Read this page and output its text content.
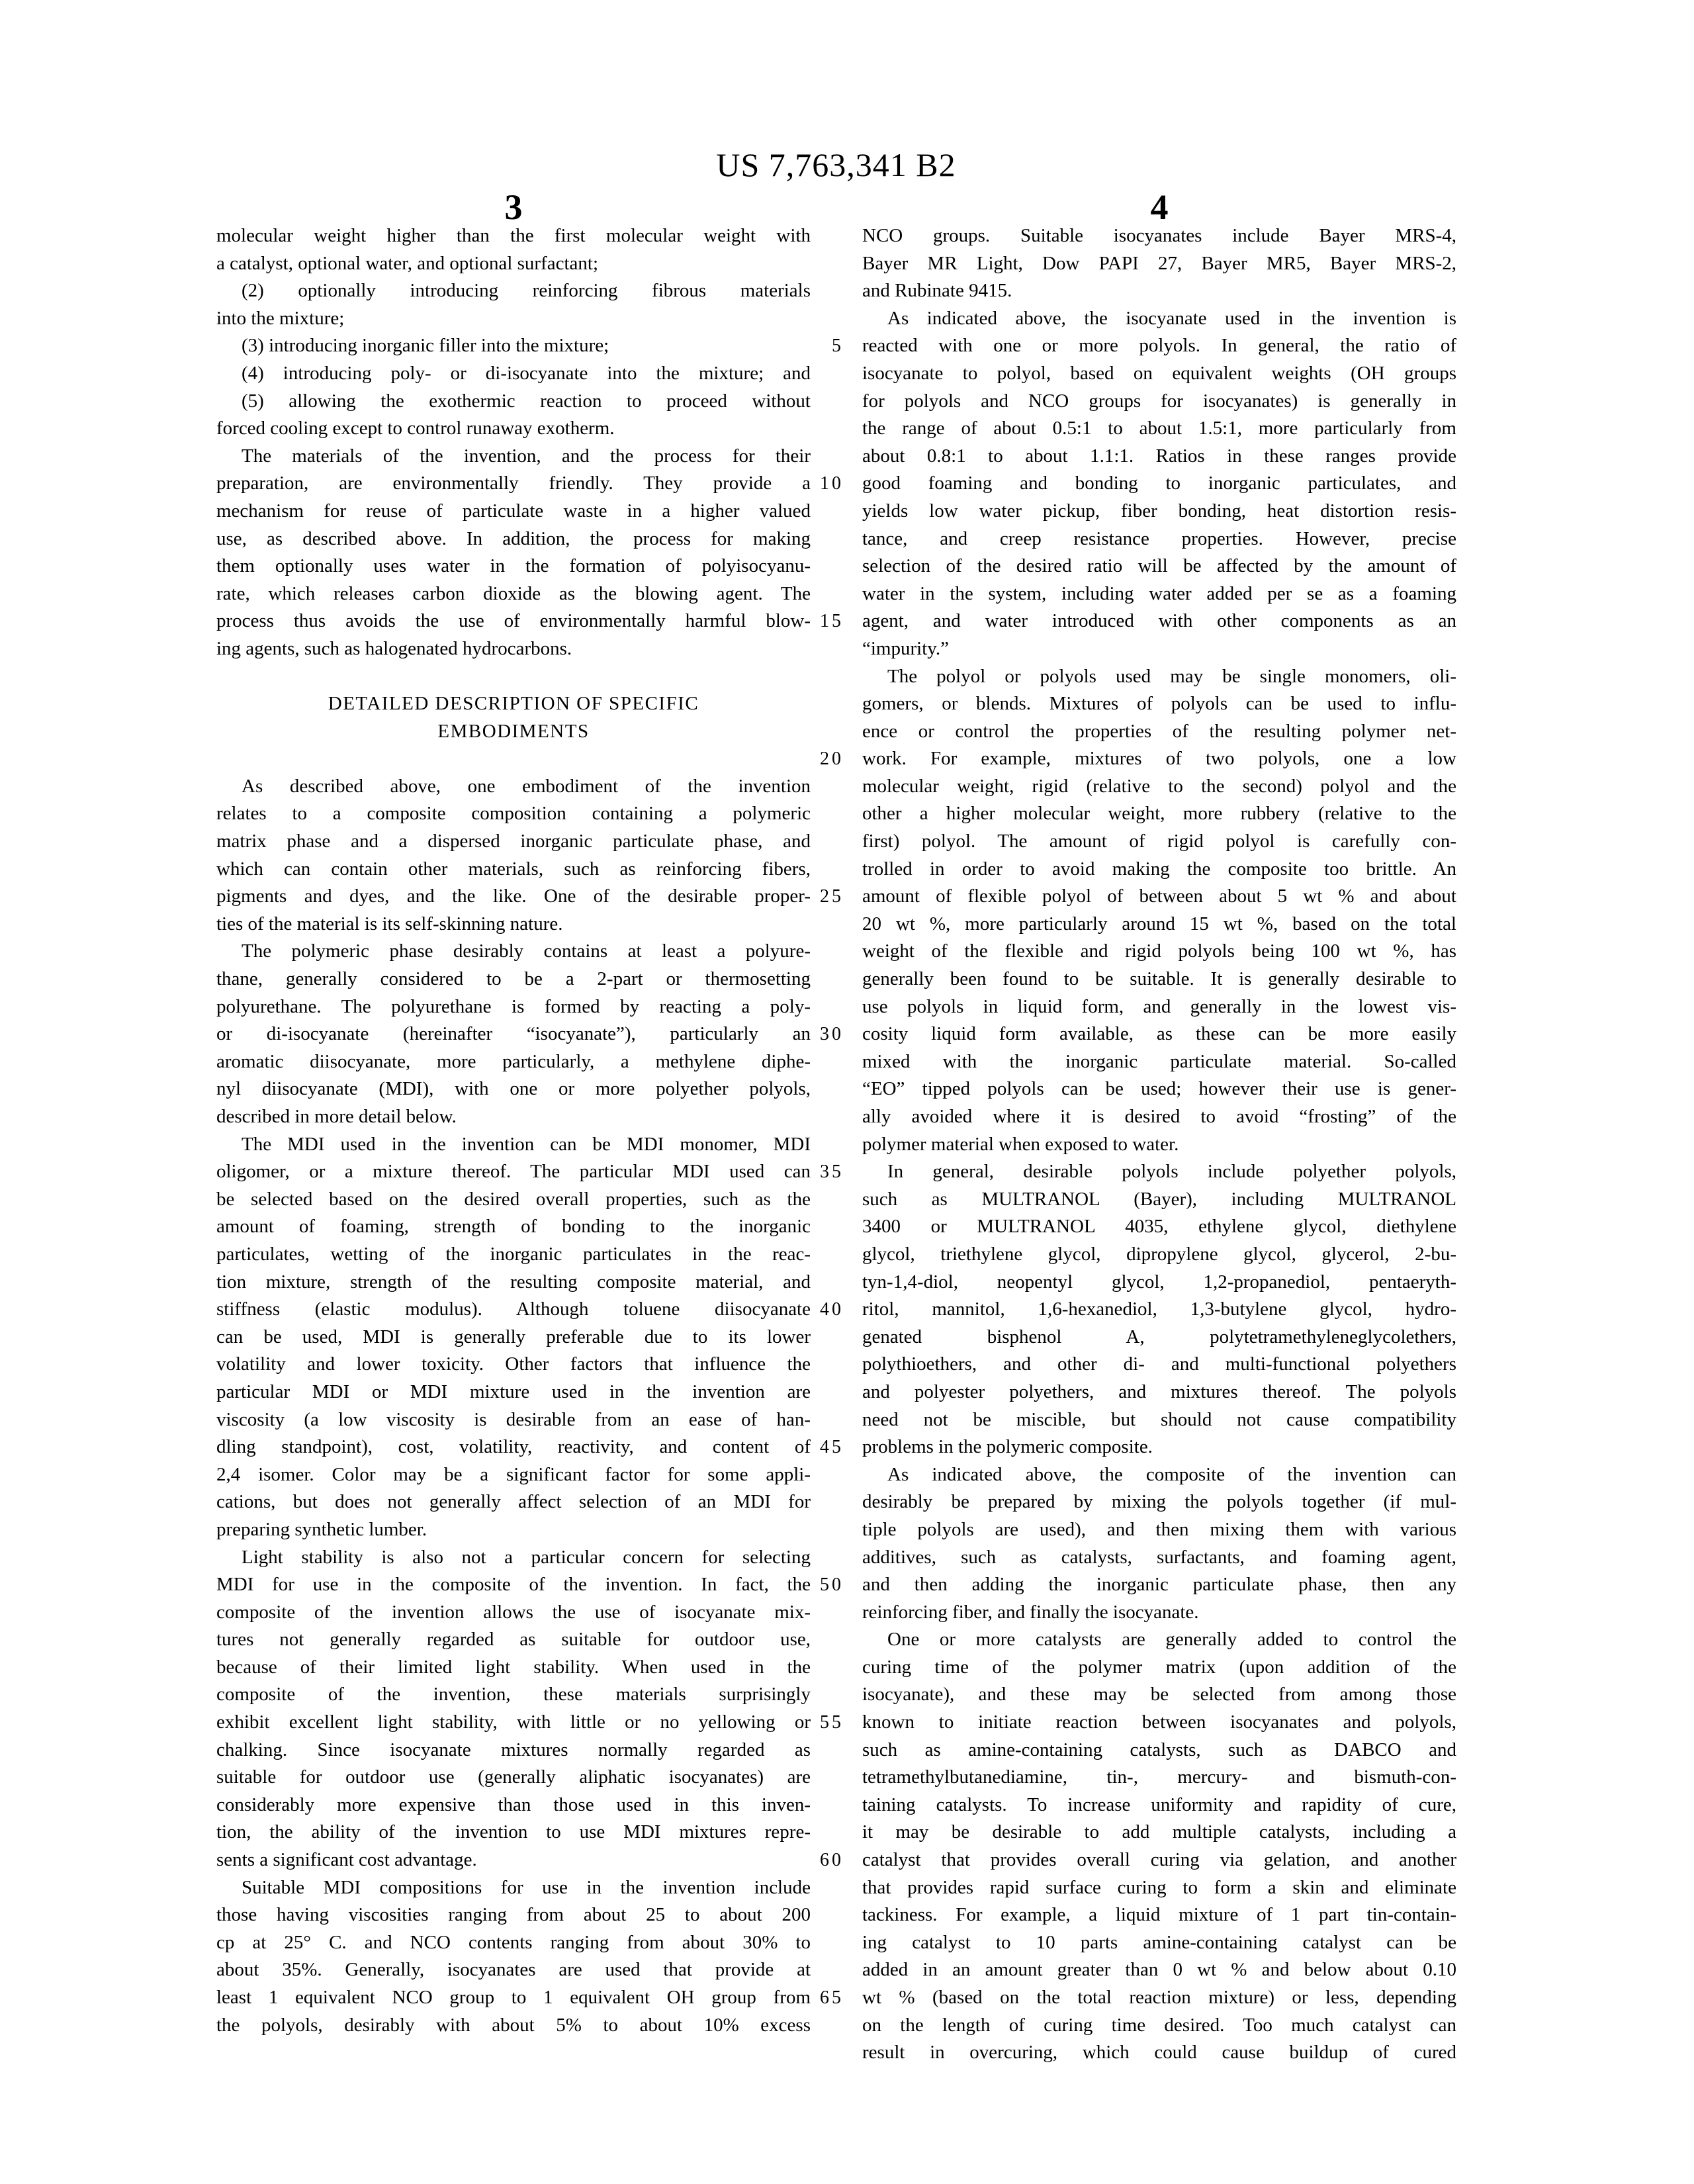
US 7,763,341 B2
3	4
molecular weight higher than the first molecular weight with
a catalyst, optional water, and optional surfactant;
(2) optionally introducing reinforcing fibrous materials
into the mixture;
(3) introducing inorganic filler into the mixture;
(4) introducing poly- or di-isocyanate into the mixture; and
(5) allowing the exothermic reaction to proceed without
forced cooling except to control runaway exotherm.
The materials of the invention, and the process for their
preparation, are environmentally friendly. They provide a
mechanism for reuse of particulate waste in a higher valued
use, as described above. In addition, the process for making
them optionally uses water in the formation of polyisocyanu-
rate, which releases carbon dioxide as the blowing agent. The
process thus avoids the use of environmentally harmful blow-
ing agents, such as halogenated hydrocarbons.

DETAILED DESCRIPTION OF SPECIFIC
EMBODIMENTS

As described above, one embodiment of the invention
relates to a composite composition containing a polymeric
matrix phase and a dispersed inorganic particulate phase, and
which can contain other materials, such as reinforcing fibers,
pigments and dyes, and the like. One of the desirable proper-
ties of the material is its self-skinning nature.
The polymeric phase desirably contains at least a polyure-
thane, generally considered to be a 2-part or thermosetting
polyurethane. The polyurethane is formed by reacting a poly-
or di-isocyanate (hereinafter “isocyanate”), particularly an
aromatic diisocyanate, more particularly, a methylene diphe-
nyl diisocyanate (MDI), with one or more polyether polyols,
described in more detail below.
The MDI used in the invention can be MDI monomer, MDI
oligomer, or a mixture thereof. The particular MDI used can
be selected based on the desired overall properties, such as the
amount of foaming, strength of bonding to the inorganic
particulates, wetting of the inorganic particulates in the reac-
tion mixture, strength of the resulting composite material, and
stiffness (elastic modulus). Although toluene diisocyanate
can be used, MDI is generally preferable due to its lower
volatility and lower toxicity. Other factors that influence the
particular MDI or MDI mixture used in the invention are
viscosity (a low viscosity is desirable from an ease of han-
dling standpoint), cost, volatility, reactivity, and content of
2,4 isomer. Color may be a significant factor for some appli-
cations, but does not generally affect selection of an MDI for
preparing synthetic lumber.
Light stability is also not a particular concern for selecting
MDI for use in the composite of the invention. In fact, the
composite of the invention allows the use of isocyanate mix-
tures not generally regarded as suitable for outdoor use,
because of their limited light stability. When used in the
composite of the invention, these materials surprisingly
exhibit excellent light stability, with little or no yellowing or
chalking. Since isocyanate mixtures normally regarded as
suitable for outdoor use (generally aliphatic isocyanates) are
considerably more expensive than those used in this inven-
tion, the ability of the invention to use MDI mixtures repre-
sents a significant cost advantage.
Suitable MDI compositions for use in the invention include
those having viscosities ranging from about 25 to about 200
cp at 25° C. and NCO contents ranging from about 30% to
about 35%. Generally, isocyanates are used that provide at
least 1 equivalent NCO group to 1 equivalent OH group from
the polyols, desirably with about 5% to about 10% excess
5
10
15
20
25
30
35
40
45
50
55
60
65
NCO groups. Suitable isocyanates include Bayer MRS-4,
Bayer MR Light, Dow PAPI 27, Bayer MR5, Bayer MRS-2,
and Rubinate 9415.
As indicated above, the isocyanate used in the invention is
reacted with one or more polyols. In general, the ratio of
isocyanate to polyol, based on equivalent weights (OH groups
for polyols and NCO groups for isocyanates) is generally in
the range of about 0.5:1 to about 1.5:1, more particularly from
about 0.8:1 to about 1.1:1. Ratios in these ranges provide
good foaming and bonding to inorganic particulates, and
yields low water pickup, fiber bonding, heat distortion resis-
tance, and creep resistance properties. However, precise
selection of the desired ratio will be affected by the amount of
water in the system, including water added per se as a foaming
agent, and water introduced with other components as an
“impurity.”
The polyol or polyols used may be single monomers, oli-
gomers, or blends. Mixtures of polyols can be used to influ-
ence or control the properties of the resulting polymer net-
work. For example, mixtures of two polyols, one a low
molecular weight, rigid (relative to the second) polyol and the
other a higher molecular weight, more rubbery (relative to the
first) polyol. The amount of rigid polyol is carefully con-
trolled in order to avoid making the composite too brittle. An
amount of flexible polyol of between about 5 wt % and about
20 wt %, more particularly around 15 wt %, based on the total
weight of the flexible and rigid polyols being 100 wt %, has
generally been found to be suitable. It is generally desirable to
use polyols in liquid form, and generally in the lowest vis-
cosity liquid form available, as these can be more easily
mixed with the inorganic particulate material. So-called
“EO” tipped polyols can be used; however their use is gener-
ally avoided where it is desired to avoid “frosting” of the
polymer material when exposed to water.
In general, desirable polyols include polyether polyols,
such as MULTRANOL (Bayer), including MULTRANOL
3400 or MULTRANOL 4035, ethylene glycol, diethylene
glycol, triethylene glycol, dipropylene glycol, glycerol, 2-bu-
tyn-1,4-diol, neopentyl glycol, 1,2-propanediol, pentaeryth-
ritol, mannitol, 1,6-hexanediol, 1,3-butylene glycol, hydro-
genated bisphenol A, polytetramethyleneglycolethers,
polythioethers, and other di- and multi-functional polyethers
and polyester polyethers, and mixtures thereof. The polyols
need not be miscible, but should not cause compatibility
problems in the polymeric composite.
As indicated above, the composite of the invention can
desirably be prepared by mixing the polyols together (if mul-
tiple polyols are used), and then mixing them with various
additives, such as catalysts, surfactants, and foaming agent,
and then adding the inorganic particulate phase, then any
reinforcing fiber, and finally the isocyanate.
One or more catalysts are generally added to control the
curing time of the polymer matrix (upon addition of the
isocyanate), and these may be selected from among those
known to initiate reaction between isocyanates and polyols,
such as amine-containing catalysts, such as DABCO and
tetramethylbutanediamine, tin-, mercury- and bismuth-con-
taining catalysts. To increase uniformity and rapidity of cure,
it may be desirable to add multiple catalysts, including a
catalyst that provides overall curing via gelation, and another
that provides rapid surface curing to form a skin and eliminate
tackiness. For example, a liquid mixture of 1 part tin-contain-
ing catalyst to 10 parts amine-containing catalyst can be
added in an amount greater than 0 wt % and below about 0.10
wt % (based on the total reaction mixture) or less, depending
on the length of curing time desired. Too much catalyst can
result in overcuring, which could cause buildup of cured
